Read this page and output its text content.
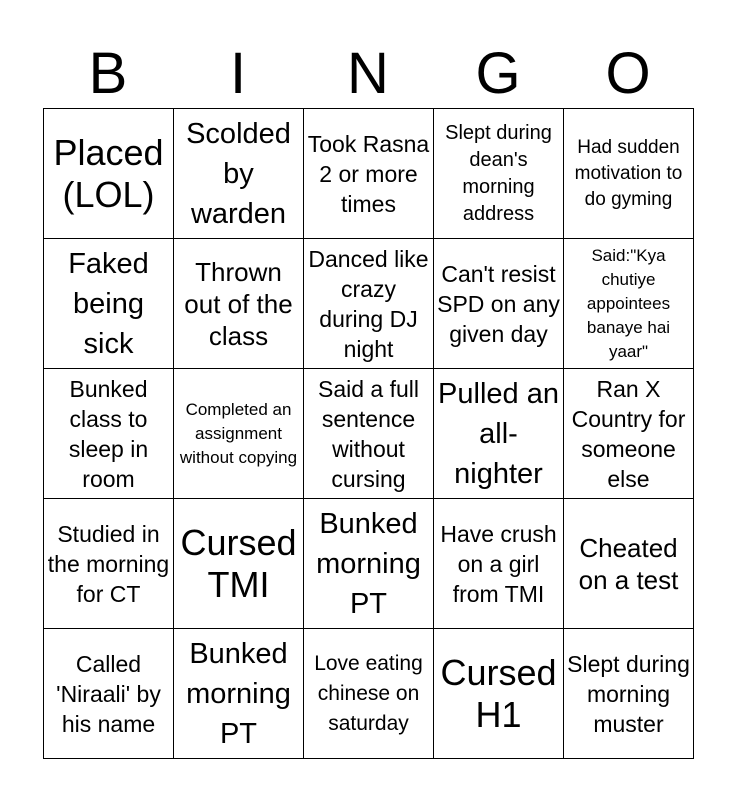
B	I	N	G	O
Placed (LOL)	Scolded by warden	Took Rasna 2 or more times	Slept during dean's morning address	Had sudden motivation to do gyming

Faked being sick	Thrown out of the class	Danced like crazy during DJ night	Can't resist SPD on any given day	Said:"Kya chutiye appointees banaye hai yaar"

Bunked class to sleep in room	Completed an assignment without copying	Said a full sentence without cursing	Pulled an all-nighter	Ran X Country for someone else

Studied in the morning for CT	Cursed TMI	Bunked morning PT	Have crush on a girl from TMI	Cheated on a test

Called 'Niraali' by his name	Bunked morning PT	Love eating chinese on saturday	Cursed H1	Slept during morning muster
